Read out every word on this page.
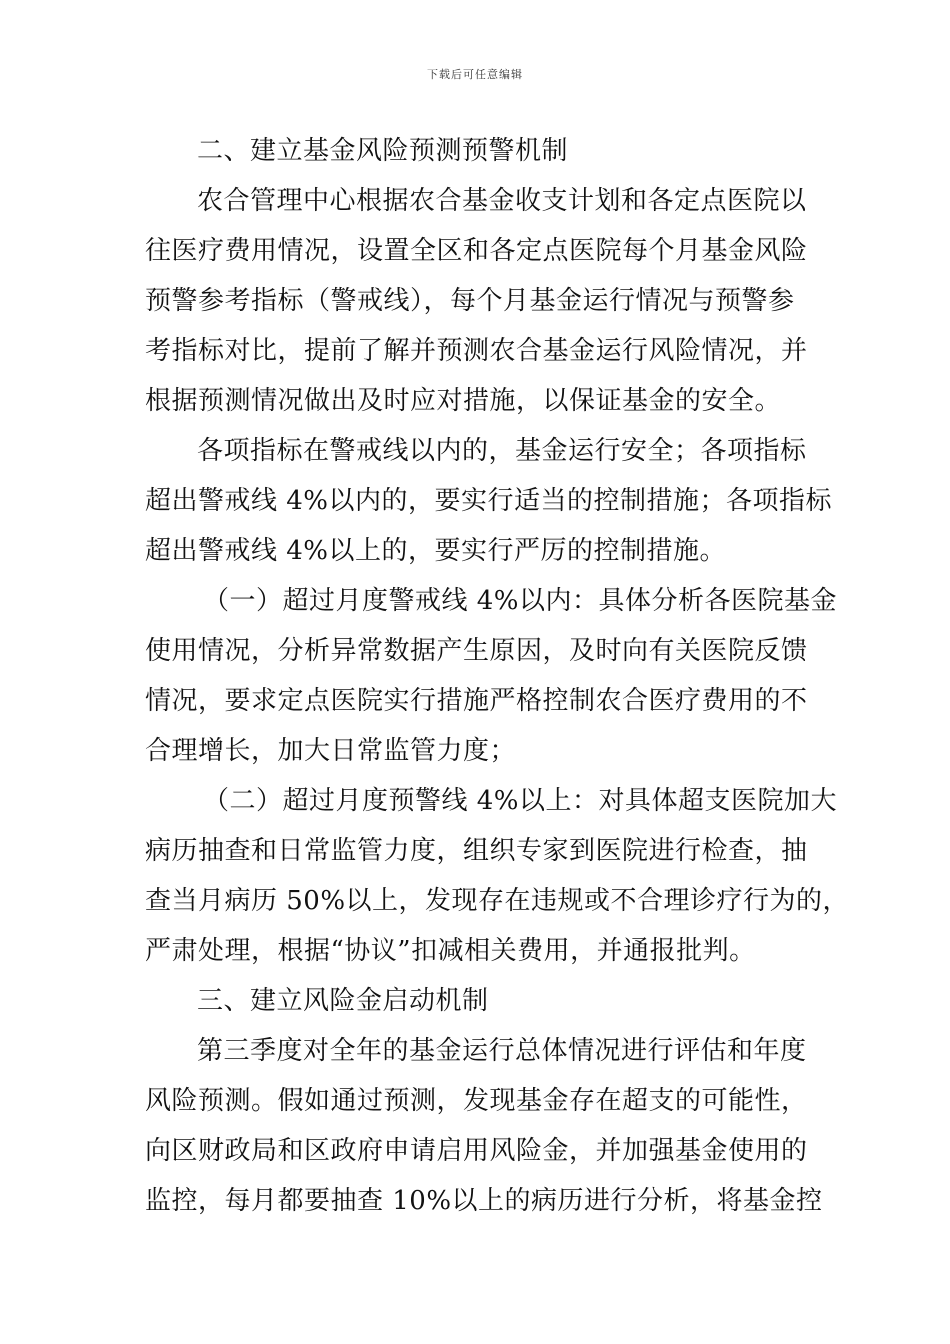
下载后可任意编辑
二、建立基金风险预测预警机制
农合管理中心根据农合基金收支计划和各定点医院以
往医疗费用情况，设置全区和各定点医院每个月基金风险
预警参考指标（警戒线），每个月基金运行情况与预警参
考指标对比，提前了解并预测农合基金运行风险情况，并
根据预测情况做出及时应对措施，以保证基金的安全。
各项指标在警戒线以内的，基金运行安全；各项指标
超出警戒线 4%以内的，要实行适当的控制措施；各项指标
超出警戒线 4%以上的，要实行严厉的控制措施。
（一）超过月度警戒线 4%以内：具体分析各医院基金
使用情况，分析异常数据产生原因，及时向有关医院反馈
情况，要求定点医院实行措施严格控制农合医疗费用的不
合理增长，加大日常监管力度；
（二）超过月度预警线 4%以上：对具体超支医院加大
病历抽查和日常监管力度，组织专家到医院进行检查，抽
查当月病历 50%以上，发现存在违规或不合理诊疗行为的，
严肃处理，根据“协议”扣减相关费用，并通报批判。
三、建立风险金启动机制
第三季度对全年的基金运行总体情况进行评估和年度
风险预测。假如通过预测，发现基金存在超支的可能性，
向区财政局和区政府申请启用风险金，并加强基金使用的
监控，每月都要抽查 10%以上的病历进行分析，将基金控
